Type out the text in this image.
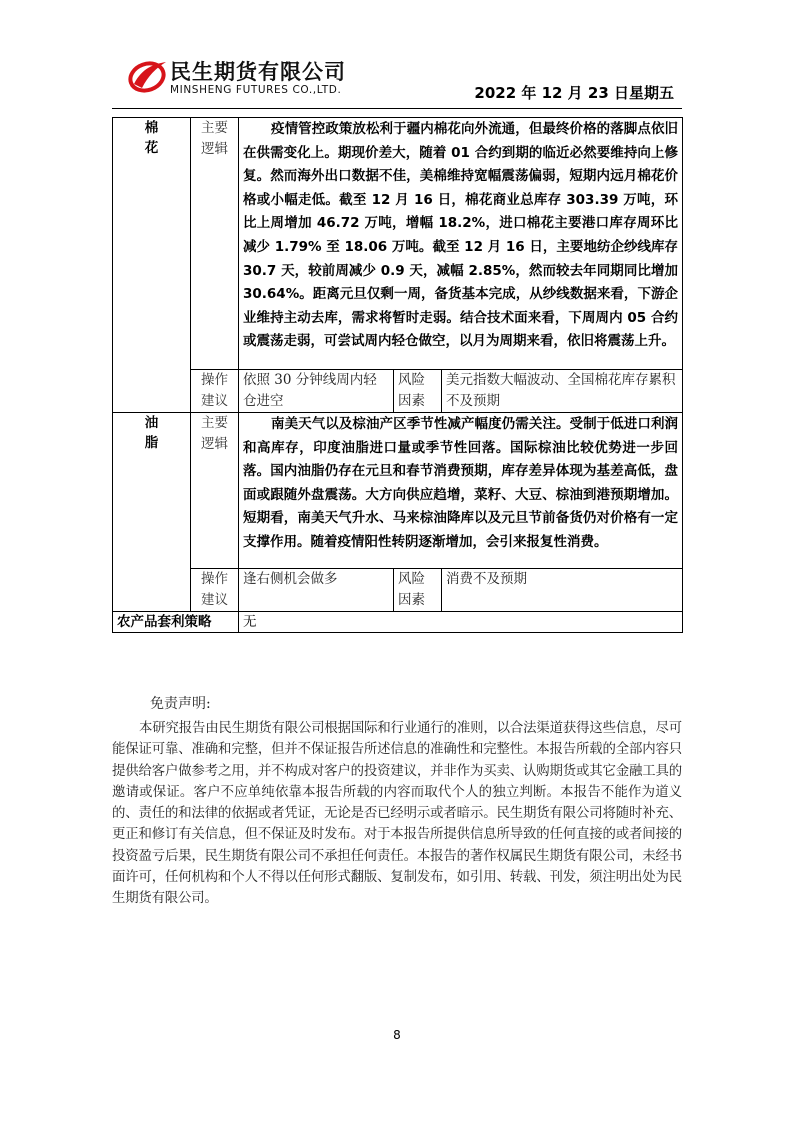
民生期货有限公司
MINSHENG FUTURES CO.,LTD.	2022 年 12 月 23 日星期五
棉花	主要逻辑	疫情管控政策放松利于疆内棉花向外流通，但最终价格的落脚点依旧在供需变化上。期现价差大，随着 01 合约到期的临近必然要维持向上修复。然而海外出口数据不佳，美棉维持宽幅震荡偏弱，短期内远月棉花价格或小幅走低。截至 12 月 16 日，棉花商业总库存 303.39 万吨，环比上周增加 46.72 万吨，增幅 18.2%，进口棉花主要港口库存周环比减少 1.79% 至 18.06 万吨。截至 12 月 16 日，主要地纺企纱线库存 30.7 天，较前周减少 0.9 天，减幅 2.85%，然而较去年同期同比增加 30.64%。距离元旦仅剩一周，备货基本完成，从纱线数据来看，下游企业维持主动去库，需求将暂时走弱。结合技术面来看，下周周内 05 合约或震荡走弱，可尝试周内轻仓做空，以月为周期来看，依旧将震荡上升。		
	操作建议	依照 30 分钟线周内轻仓进空	风险因素	美元指数大幅波动、全国棉花库存累积不及预期
油脂	主要逻辑	南美天气以及棕油产区季节性减产幅度仍需关注。受制于低进口利润和高库存，印度油脂进口量或季节性回落。国际棕油比较优势进一步回落。国内油脂仍存在元旦和春节消费预期，库存差异体现为基差高低，盘面或跟随外盘震荡。大方向供应趋增，菜籽、大豆、棕油到港预期增加。短期看，南美天气升水、马来棕油降库以及元旦节前备货仍对价格有一定支撑作用。随着疫情阳性转阴逐渐增加，会引来报复性消费。		
	操作建议	逢右侧机会做多	风险因素	消费不及预期
农产品套利策略		无		

免责声明:

本研究报告由民生期货有限公司根据国际和行业通行的准则，以合法渠道获得这些信息，尽可能保证可靠、准确和完整，但并不保证报告所述信息的准确性和完整性。本报告所载的全部内容只提供给客户做参考之用，并不构成对客户的投资建议，并非作为买卖、认购期货或其它金融工具的邀请或保证。客户不应单纯依靠本报告所载的内容而取代个人的独立判断。本报告不能作为道义的、责任的和法律的依据或者凭证，无论是否已经明示或者暗示。民生期货有限公司将随时补充、更正和修订有关信息，但不保证及时发布。对于本报告所提供信息所导致的任何直接的或者间接的投资盈亏后果，民生期货有限公司不承担任何责任。本报告的著作权属民生期货有限公司，未经书面许可，任何机构和个人不得以任何形式翻版、复制发布，如引用、转载、刊发，须注明出处为民生期货有限公司。

8
